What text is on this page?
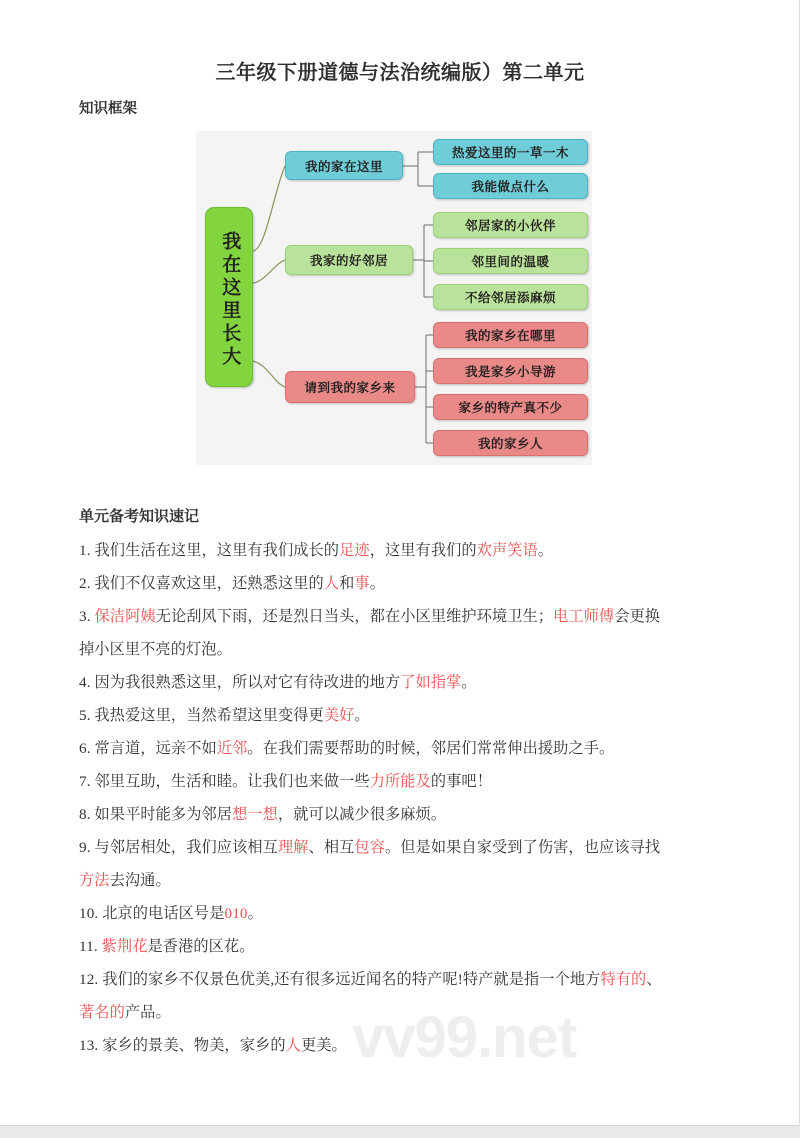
vv99.net
三年级下册道德与法治统编版）第二单元
知识框架
我在这里长大
我的家在这里
我家的好邻居
请到我的家乡来
热爱这里的一草一木
我能做点什么
邻居家的小伙伴
邻里间的温暖
不给邻居添麻烦
我的家乡在哪里
我是家乡小导游
家乡的特产真不少
我的家乡人
单元备考知识速记
1. 我们生活在这里，这里有我们成长的足迹，这里有我们的欢声笑语。
2. 我们不仅喜欢这里，还熟悉这里的人和事。
3. 保洁阿姨无论刮风下雨，还是烈日当头，都在小区里维护环境卫生；电工师傅会更换
掉小区里不亮的灯泡。
4. 因为我很熟悉这里，所以对它有待改进的地方了如指掌。
5. 我热爱这里，当然希望这里变得更美好。
6. 常言道，远亲不如近邻。在我们需要帮助的时候，邻居们常常伸出援助之手。
7. 邻里互助，生活和睦。让我们也来做一些力所能及的事吧！
8. 如果平时能多为邻居想一想，就可以减少很多麻烦。
9. 与邻居相处，我们应该相互理解、相互包容。但是如果自家受到了伤害，也应该寻找
方法去沟通。
10. 北京的电话区号是010。
11. 紫荆花是香港的区花。
12. 我们的家乡不仅景色优美,还有很多远近闻名的特产呢!特产就是指一个地方特有的、
著名的产品。
13. 家乡的景美、物美，家乡的人更美。
